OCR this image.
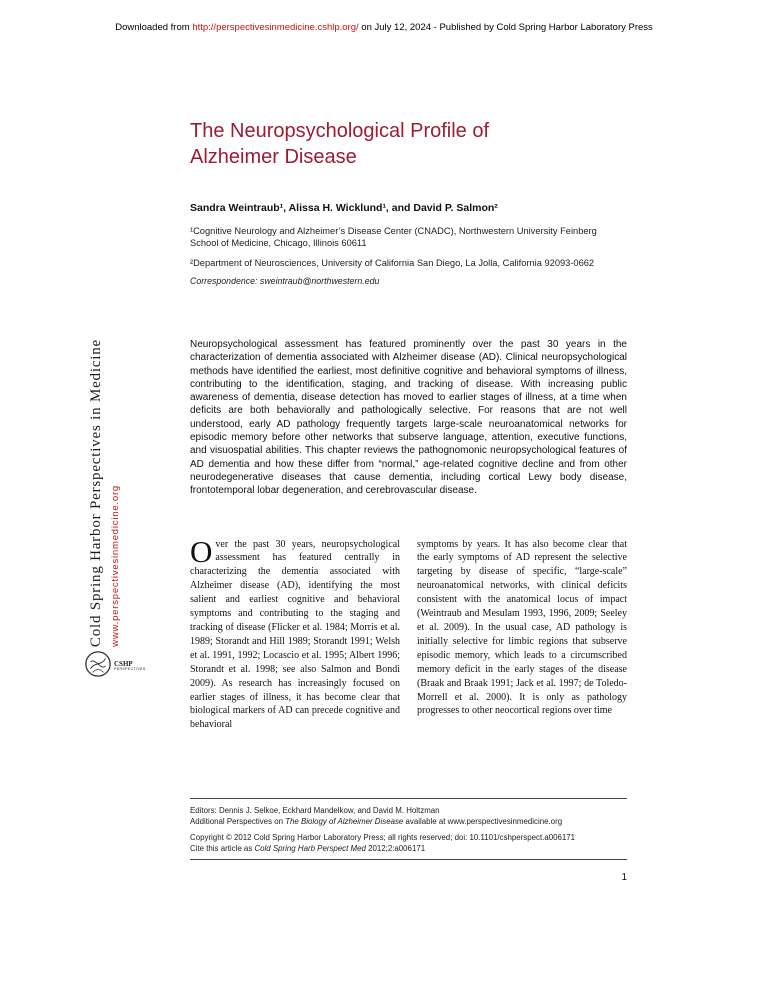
Downloaded from http://perspectivesinmedicine.cshlp.org/ on July 12, 2024 - Published by Cold Spring Harbor Laboratory Press
Cold Spring Harbor Perspectives in Medicine www.perspectivesinmedicine.org
CSHP
PERSPECTIVES
The Neuropsychological Profile of
Alzheimer Disease
Sandra Weintraub¹, Alissa H. Wicklund¹, and David P. Salmon²
¹Cognitive Neurology and Alzheimer’s Disease Center (CNADC), Northwestern University Feinberg School of Medicine, Chicago, Illinois 60611
²Department of Neurosciences, University of California San Diego, La Jolla, California 92093-0662
Correspondence: sweintraub@northwestern.edu

Neuropsychological assessment has featured prominently over the past 30 years in the characterization of dementia associated with Alzheimer disease (AD). Clinical neuropsychological methods have identified the earliest, most definitive cognitive and behavioral symptoms of illness, contributing to the identification, staging, and tracking of disease. With increasing public awareness of dementia, disease detection has moved to earlier stages of illness, at a time when deficits are both behaviorally and pathologically selective. For reasons that are not well understood, early AD pathology frequently targets large-scale neuroanatomical networks for episodic memory before other networks that subserve language, attention, executive functions, and visuospatial abilities. This chapter reviews the pathognomonic neuropsychological features of AD dementia and how these differ from “normal,” age-related cognitive decline and from other neurodegenerative diseases that cause dementia, including cortical Lewy body disease, frontotemporal lobar degeneration, and cerebrovascular disease.

Over the past 30 years, neuropsychological assessment has featured centrally in characterizing the dementia associated with Alzheimer disease (AD), identifying the most salient and earliest cognitive and behavioral symptoms and contributing to the staging and tracking of disease (Flicker et al. 1984; Morris et al. 1989; Storandt and Hill 1989; Storandt 1991; Welsh et al. 1991, 1992; Locascio et al. 1995; Albert 1996; Storandt et al. 1998; see also Salmon and Bondi 2009). As research has increasingly focused on earlier stages of illness, it has become clear that biological markers of AD can precede cognitive and behavioral
symptoms by years. It has also become clear that the early symptoms of AD represent the selective targeting by disease of specific, “large-scale” neuroanatomical networks, with clinical deficits consistent with the anatomical locus of impact (Weintraub and Mesulam 1993, 1996, 2009; Seeley et al. 2009). In the usual case, AD pathology is initially selective for limbic regions that subserve episodic memory, which leads to a circumscribed memory deficit in the early stages of the disease (Braak and Braak 1991; Jack et al. 1997; de Toledo-Morrell et al. 2000). It is only as pathology progresses to other neocortical regions over time
Editors: Dennis J. Selkoe, Eckhard Mandelkow, and David M. Holtzman
Additional Perspectives on The Biology of Alzheimer Disease available at www.perspectivesinmedicine.org
Copyright © 2012 Cold Spring Harbor Laboratory Press; all rights reserved; doi: 10.1101/cshperspect.a006171
Cite this article as Cold Spring Harb Perspect Med 2012;2:a006171
1
